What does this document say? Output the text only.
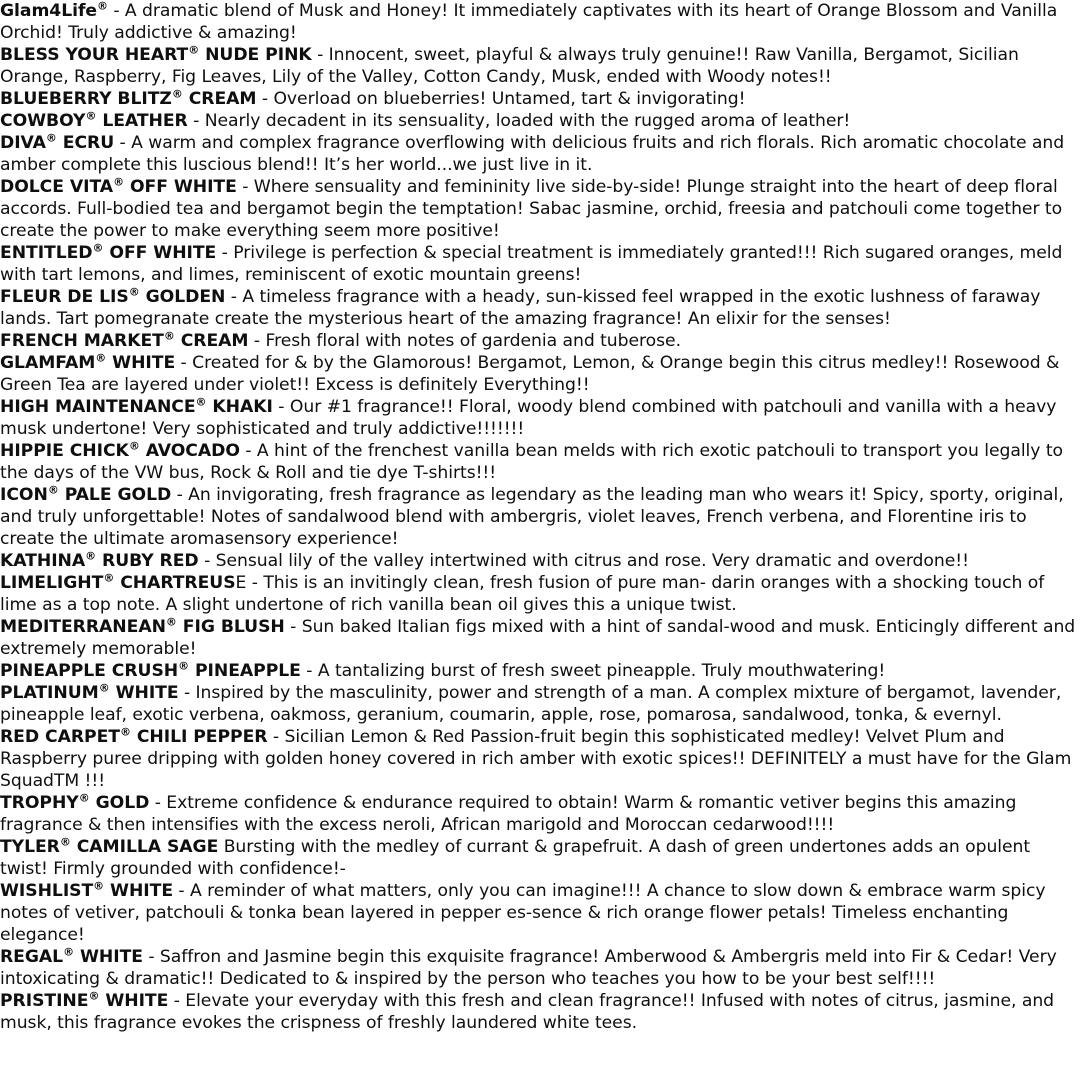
Glam4Life® - A dramatic blend of Musk and Honey! It immediately captivates with its heart of Orange Blossom and Vanilla Orchid! Truly addictive & amazing!

BLESS YOUR HEART® NUDE PINK - Innocent, sweet, playful & always truly genuine!! Raw Vanilla, Bergamot, Sicilian Orange, Raspberry, Fig Leaves, Lily of the Valley, Cotton Candy, Musk, ended with Woody notes!!

BLUEBERRY BLITZ® CREAM - Overload on blueberries! Untamed, tart & invigorating!

COWBOY® LEATHER - Nearly decadent in its sensuality, loaded with the rugged aroma of leather!

DIVA® ECRU - A warm and complex fragrance overflowing with delicious fruits and rich florals. Rich aromatic chocolate and amber complete this luscious blend!! It’s her world...we just live in it.

DOLCE VITA® OFF WHITE - Where sensuality and femininity live side-by-side! Plunge straight into the heart of deep floral accords. Full-bodied tea and bergamot begin the temptation! Sabac jasmine, orchid, freesia and patchouli come together to create the power to make everything seem more positive!

ENTITLED® OFF WHITE - Privilege is perfection & special treatment is immediately granted!!! Rich sugared oranges, meld with tart lemons, and limes, reminiscent of exotic mountain greens!

FLEUR DE LIS® GOLDEN - A timeless fragrance with a heady, sun-kissed feel wrapped in the exotic lushness of faraway lands. Tart pomegranate create the mysterious heart of the amazing fragrance! An elixir for the senses!

FRENCH MARKET® CREAM - Fresh floral with notes of gardenia and tuberose.

GLAMFAM® WHITE - Created for & by the Glamorous! Bergamot, Lemon, & Orange begin this citrus medley!! Rosewood & Green Tea are layered under violet!! Excess is definitely Everything!!

HIGH MAINTENANCE® KHAKI - Our #1 fragrance!! Floral, woody blend combined with patchouli and vanilla with a heavy musk undertone! Very sophisticated and truly addictive!!!!!!!

HIPPIE CHICK® AVOCADO - A hint of the frenchest vanilla bean melds with rich exotic patchouli to transport you legally to the days of the VW bus, Rock & Roll and tie dye T-shirts!!!

ICON® PALE GOLD - An invigorating, fresh fragrance as legendary as the leading man who wears it! Spicy, sporty, original, and truly unforgettable! Notes of sandalwood blend with ambergris, violet leaves, French verbena, and Florentine iris to create the ultimate aromasensory experience!

KATHINA® RUBY RED - Sensual lily of the valley intertwined with citrus and rose. Very dramatic and overdone!!

LIMELIGHT® CHARTREUSE - This is an invitingly clean, fresh fusion of pure man- darin oranges with a shocking touch of lime as a top note. A slight undertone of rich vanilla bean oil gives this a unique twist.

MEDITERRANEAN® FIG BLUSH - Sun baked Italian figs mixed with a hint of sandal-wood and musk. Enticingly different and extremely memorable!

PINEAPPLE CRUSH® PINEAPPLE - A tantalizing burst of fresh sweet pineapple. Truly mouthwatering!

PLATINUM® WHITE - Inspired by the masculinity, power and strength of a man. A complex mixture of bergamot, lavender, pineapple leaf, exotic verbena, oakmoss, geranium, coumarin, apple, rose, pomarosa, sandalwood, tonka, & evernyl.

RED CARPET® CHILI PEPPER - Sicilian Lemon & Red Passion-fruit begin this sophisticated medley! Velvet Plum and Raspberry puree dripping with golden honey covered in rich amber with exotic spices!! DEFINITELY a must have for the Glam SquadTM !!!

TROPHY® GOLD - Extreme confidence & endurance required to obtain! Warm & romantic vetiver begins this amazing fragrance & then intensifies with the excess neroli, African marigold and Moroccan cedarwood!!!!

TYLER® CAMILLA SAGE Bursting with the medley of currant & grapefruit. A dash of green undertones adds an opulent twist! Firmly grounded with confidence!-

WISHLIST® WHITE - A reminder of what matters, only you can imagine!!! A chance to slow down & embrace warm spicy notes of vetiver, patchouli & tonka bean layered in pepper es-sence & rich orange flower petals! Timeless enchanting elegance!

REGAL® WHITE - Saffron and Jasmine begin this exquisite fragrance! Amberwood & Ambergris meld into Fir & Cedar! Very intoxicating & dramatic!! Dedicated to & inspired by the person who teaches you how to be your best self!!!!

PRISTINE® WHITE - Elevate your everyday with this fresh and clean fragrance!! Infused with notes of citrus, jasmine, and musk, this fragrance evokes the crispness of freshly laundered white tees.
